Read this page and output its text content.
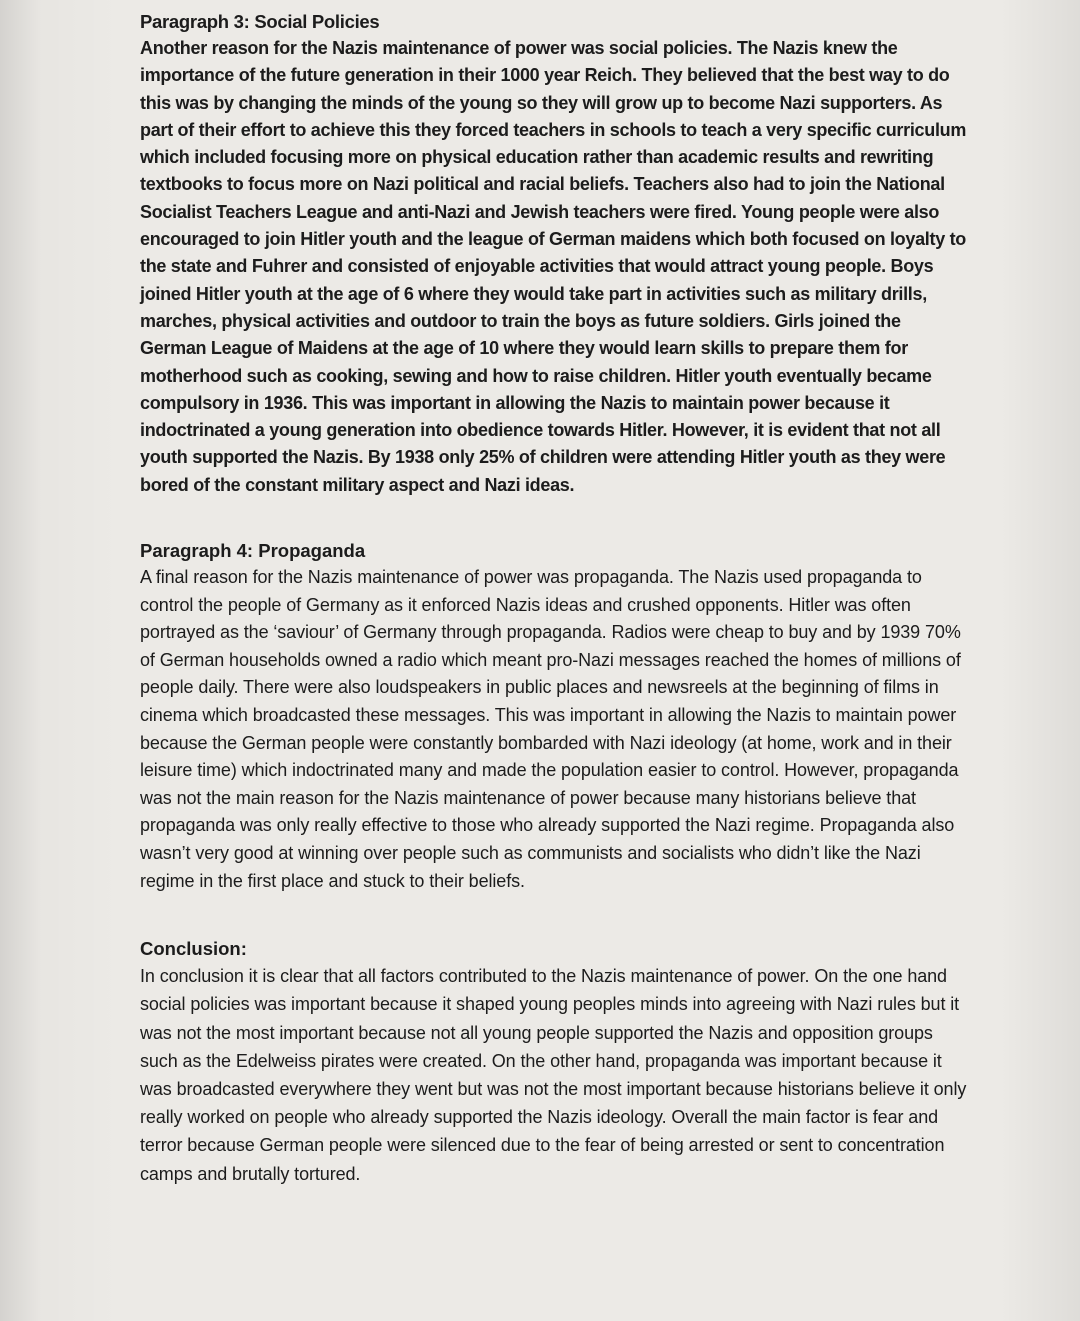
Paragraph 3: Social Policies

Another reason for the Nazis maintenance of power was social policies. The Nazis knew the importance of the future generation in their 1000 year Reich. They believed that the best way to do this was by changing the minds of the young so they will grow up to become Nazi supporters. As part of their effort to achieve this they forced teachers in schools to teach a very specific curriculum which included focusing more on physical education rather than academic results and rewriting textbooks to focus more on Nazi political and racial beliefs. Teachers also had to join the National Socialist Teachers League and anti-Nazi and Jewish teachers were fired. Young people were also encouraged to join Hitler youth and the league of German maidens which both focused on loyalty to the state and Fuhrer and consisted of enjoyable activities that would attract young people. Boys joined Hitler youth at the age of 6 where they would take part in activities such as military drills, marches, physical activities and outdoor to train the boys as future soldiers. Girls joined the German League of Maidens at the age of 10 where they would learn skills to prepare them for motherhood such as cooking, sewing and how to raise children. Hitler youth eventually became compulsory in 1936. This was important in allowing the Nazis to maintain power because it indoctrinated a young generation into obedience towards Hitler. However, it is evident that not all youth supported the Nazis. By 1938 only 25% of children were attending Hitler youth as they were bored of the constant military aspect and Nazi ideas.

Paragraph 4: Propaganda

A final reason for the Nazis maintenance of power was propaganda. The Nazis used propaganda to control the people of Germany as it enforced Nazis ideas and crushed opponents. Hitler was often portrayed as the ‘saviour’ of Germany through propaganda. Radios were cheap to buy and by 1939 70% of German households owned a radio which meant pro-Nazi messages reached the homes of millions of people daily. There were also loudspeakers in public places and newsreels at the beginning of films in cinema which broadcasted these messages. This was important in allowing the Nazis to maintain power because the German people were constantly bombarded with Nazi ideology (at home, work and in their leisure time) which indoctrinated many and made the population easier to control. However, propaganda was not the main reason for the Nazis maintenance of power because many historians believe that propaganda was only really effective to those who already supported the Nazi regime. Propaganda also wasn’t very good at winning over people such as communists and socialists who didn’t like the Nazi regime in the first place and stuck to their beliefs.

Conclusion:

In conclusion it is clear that all factors contributed to the Nazis maintenance of power. On the one hand social policies was important because it shaped young peoples minds into agreeing with Nazi rules but it was not the most important because not all young people supported the Nazis and opposition groups such as the Edelweiss pirates were created. On the other hand, propaganda was important because it was broadcasted everywhere they went but was not the most important because historians believe it only really worked on people who already supported the Nazis ideology. Overall the main factor is fear and terror because German people were silenced due to the fear of being arrested or sent to concentration camps and brutally tortured.
